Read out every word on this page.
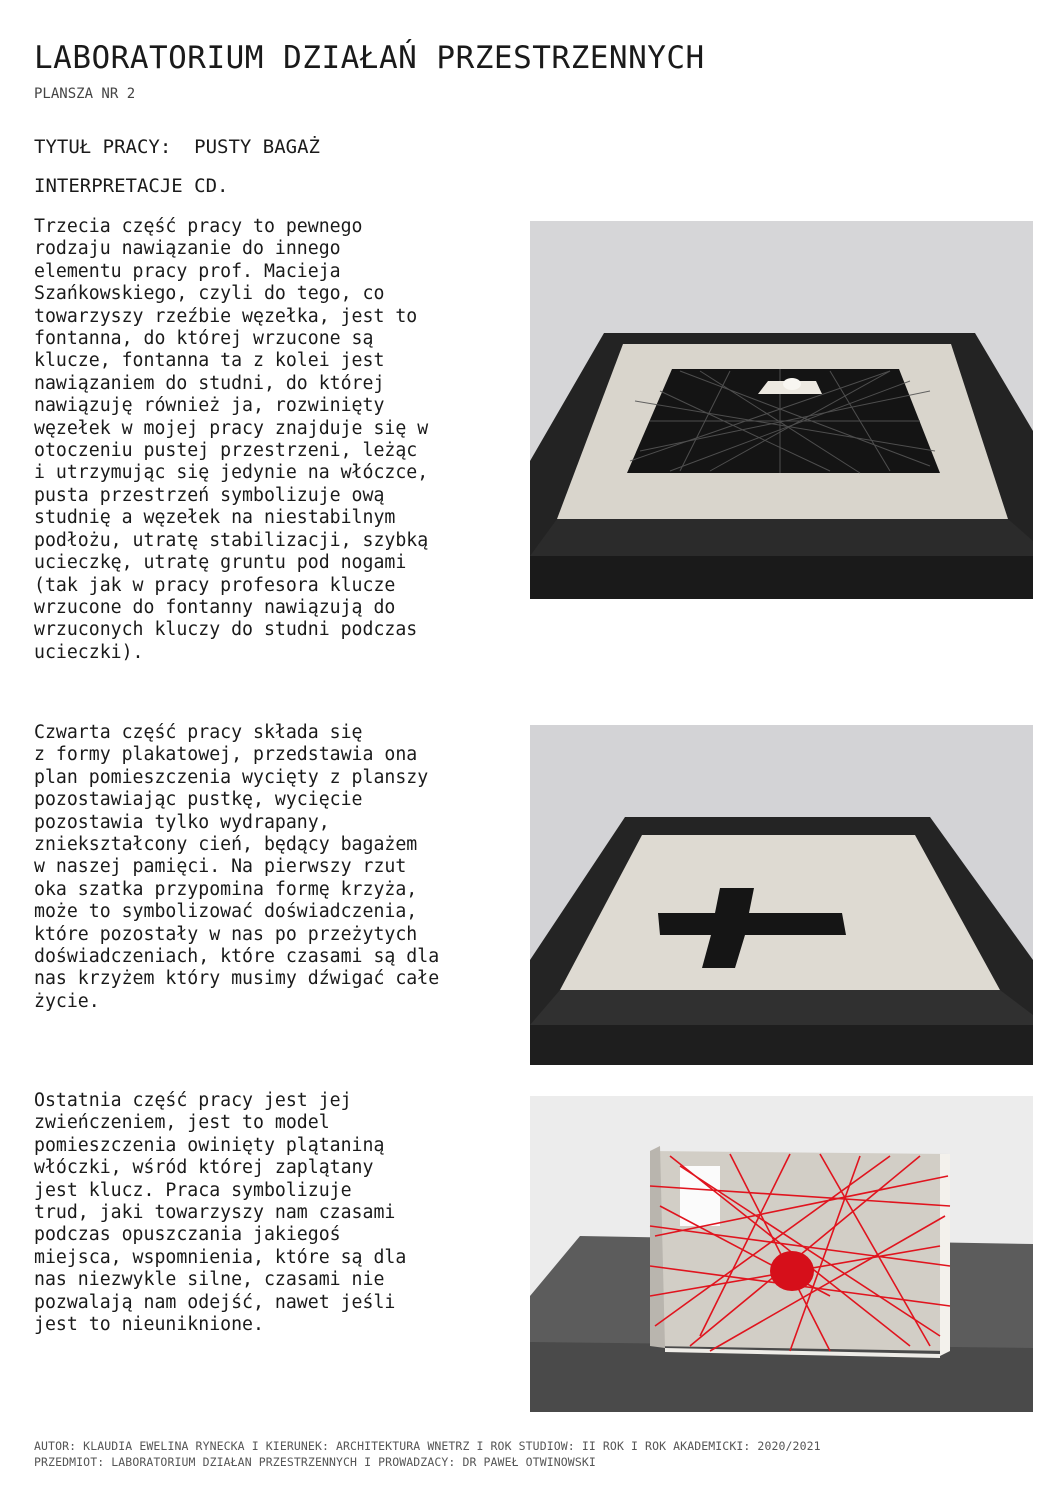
LABORATORIUM DZIAŁAŃ PRZESTRZENNYCH
PLANSZA NR 2
TYTUŁ PRACY:  PUSTY BAGAŻ
INTERPRETACJE CD.

Trzecia część pracy to pewnego
rodzaju nawiązanie do innego
elementu pracy prof. Macieja
Szańkowskiego, czyli do tego, co
towarzyszy rzeźbie węzełka, jest to
fontanna, do której wrzucone są
klucze, fontanna ta z kolei jest
nawiązaniem do studni, do której
nawiązuję również ja, rozwinięty
węzełek w mojej pracy znajduje się w
otoczeniu pustej przestrzeni, leżąc
i utrzymując się jedynie na włóczce,
pusta przestrzeń symbolizuje ową
studnię a węzełek na niestabilnym
podłożu, utratę stabilizacji, szybką
ucieczkę, utratę gruntu pod nogami
(tak jak w pracy profesora klucze
wrzucone do fontanny nawiązują do
wrzuconych kluczy do studni podczas
ucieczki).

Czwarta część pracy składa się
z formy plakatowej, przedstawia ona
plan pomieszczenia wycięty z planszy
pozostawiając pustkę, wycięcie
pozostawia tylko wydrapany,
zniekształcony cień, będący bagażem
w naszej pamięci. Na pierwszy rzut
oka szatka przypomina formę krzyża,
może to symbolizować doświadczenia,
które pozostały w nas po przeżytych
doświadczeniach, które czasami są dla
nas krzyżem który musimy dźwigać całe
życie.

Ostatnia część pracy jest jej
zwieńczeniem, jest to model
pomieszczenia owinięty plątaniną
włóczki, wśród której zaplątany
jest klucz. Praca symbolizuje
trud, jaki towarzyszy nam czasami
podczas opuszczania jakiegoś
miejsca, wspomnienia, które są dla
nas niezwykle silne, czasami nie
pozwalają nam odejść, nawet jeśli
jest to nieuniknione.

AUTOR: KLAUDIA EWELINA RYNECKA I KIERUNEK: ARCHITEKTURA WNETRZ I ROK STUDIOW: II ROK I ROK AKADEMICKI: 2020/2021
PRZEDMIOT: LABORATORIUM DZIAŁAN PRZESTRZENNYCH I PROWADZACY: DR PAWEŁ OTWINOWSKI
